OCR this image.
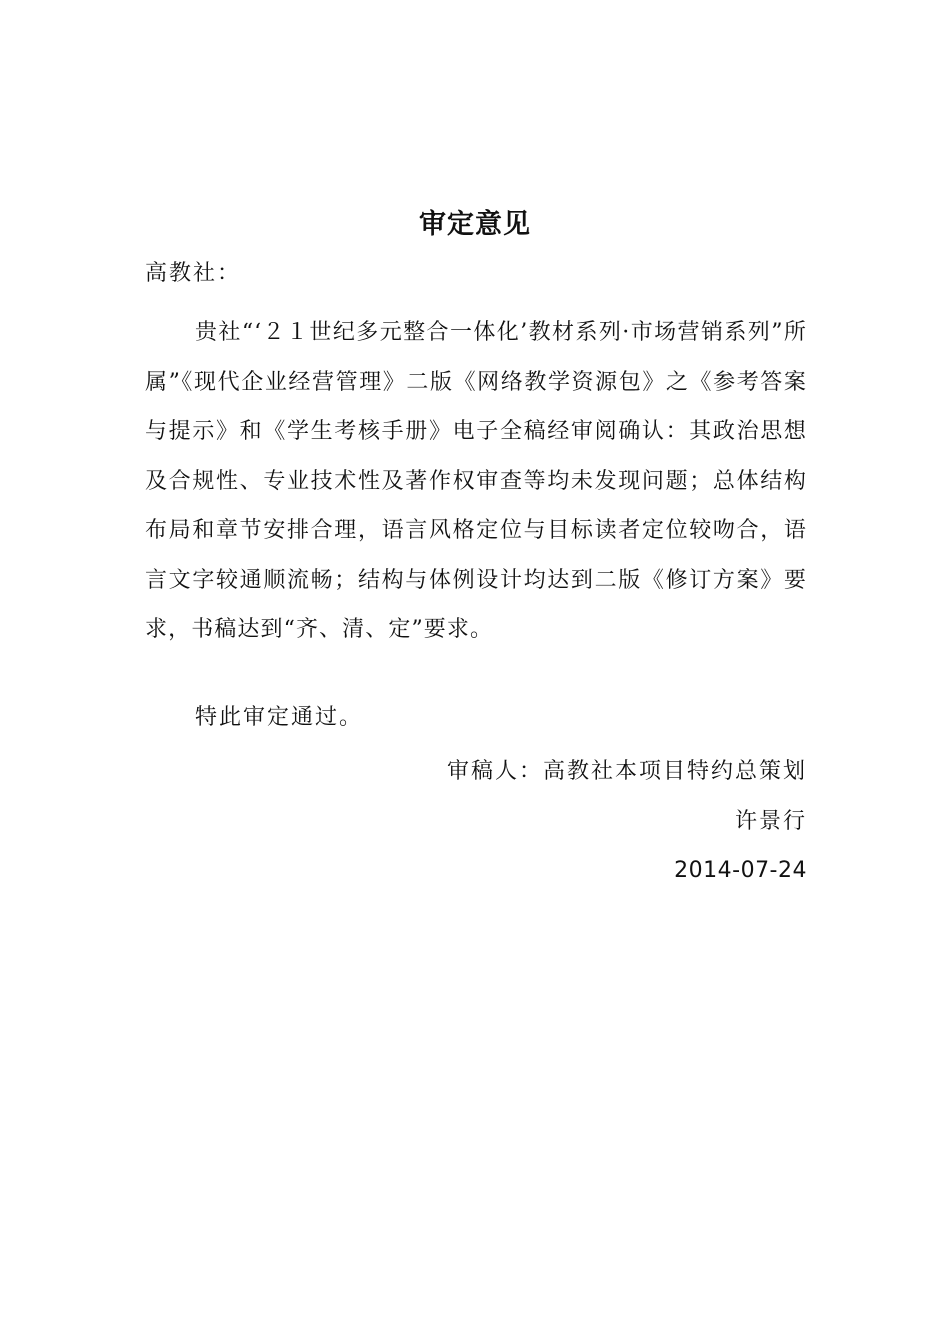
审定意见

高教社：

贵社“‘２１世纪多元整合一体化’教材系列·市场营销系列”所属”《现代企业经营管理》二版《网络教学资源包》之《参考答案与提示》和《学生考核手册》电子全稿经审阅确认：其政治思想及合规性、专业技术性及著作权审查等均未发现问题；总体结构布局和章节安排合理，语言风格定位与目标读者定位较吻合，语言文字较通顺流畅；结构与体例设计均达到二版《修订方案》要求，书稿达到“齐、清、定”要求。

特此审定通过。

审稿人：高教社本项目特约总策划

许景行

2014-07-24
